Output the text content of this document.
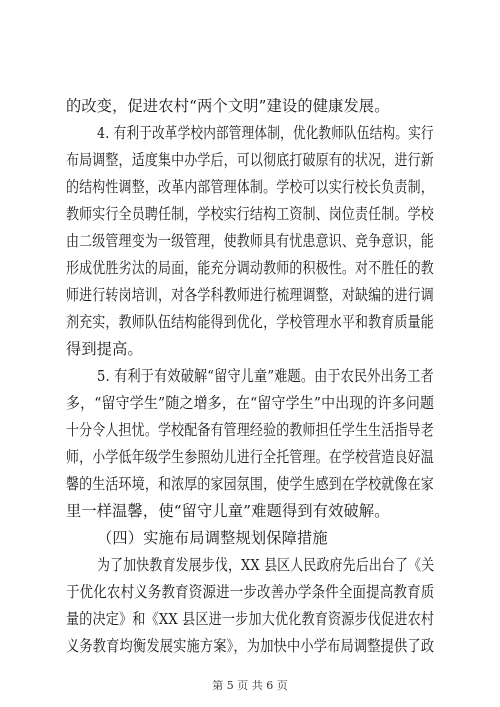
的改变，促进农村“两个文明”建设的健康发展。
4. 有利于改革学校内部管理体制，优化教师队伍结构。实行
布局调整，适度集中办学后，可以彻底打破原有的状况，进行新
的结构性调整，改革内部管理体制。学校可以实行校长负责制，
教师实行全员聘任制，学校实行结构工资制、岗位责任制。学校
由二级管理变为一级管理，使教师具有忧患意识、竞争意识，能
形成优胜劣汰的局面，能充分调动教师的积极性。对不胜任的教
师进行转岗培训，对各学科教师进行梳理调整，对缺编的进行调
剂充实，教师队伍结构能得到优化，学校管理水平和教育质量能
得到提高。
5. 有利于有效破解“留守儿童”难题。由于农民外出务工者
多，“留守学生”随之增多，在“留守学生”中出现的许多问题
十分令人担忧。学校配备有管理经验的教师担任学生生活指导老
师，小学低年级学生参照幼儿进行全托管理。在学校营造良好温
馨的生活环境，和浓厚的家园氛围，使学生感到在学校就像在家
里一样温馨，使“留守儿童”难题得到有效破解。
（四）实施布局调整规划保障措施
为了加快教育发展步伐，XX 县区人民政府先后出台了《关
于优化农村义务教育资源进一步改善办学条件全面提高教育质
量的决定》和《XX 县区进一步加大优化教育资源步伐促进农村
义务教育均衡发展实施方案》，为加快中小学布局调整提供了政
第 5 页 共 6 页
